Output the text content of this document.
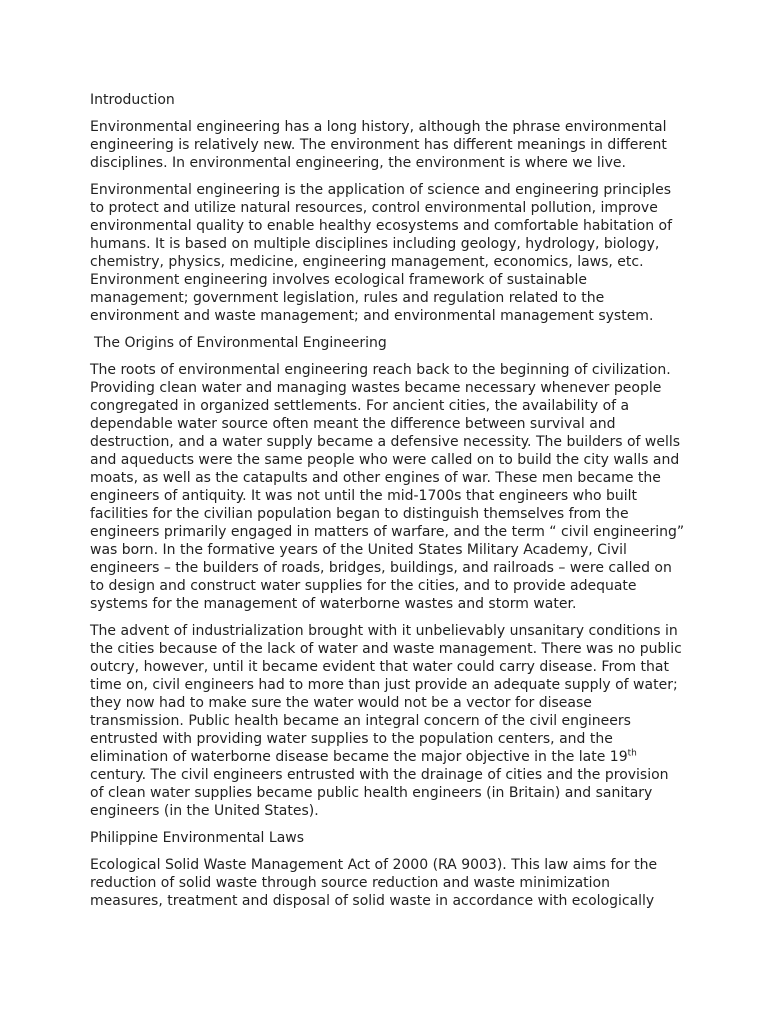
Introduction
Environmental engineering has a long history, although the phrase environmental
engineering is relatively new. The environment has different meanings in different
disciplines. In environmental engineering, the environment is where we live.
Environmental engineering is the application of science and engineering principles
to protect and utilize natural resources, control environmental pollution, improve
environmental quality to enable healthy ecosystems and comfortable habitation of
humans. It is based on multiple disciplines including geology, hydrology, biology,
chemistry, physics, medicine, engineering management, economics, laws, etc.
Environment engineering involves ecological framework of sustainable
management; government legislation, rules and regulation related to the
environment and waste management; and environmental management system.
The Origins of Environmental Engineering
The roots of environmental engineering reach back to the beginning of civilization.
Providing clean water and managing wastes became necessary whenever people
congregated in organized settlements. For ancient cities, the availability of a
dependable water source often meant the difference between survival and
destruction, and a water supply became a defensive necessity. The builders of wells
and aqueducts were the same people who were called on to build the city walls and
moats, as well as the catapults and other engines of war. These men became the
engineers of antiquity. It was not until the mid-1700s that engineers who built
facilities for the civilian population began to distinguish themselves from the
engineers primarily engaged in matters of warfare, and the term “ civil engineering”
was born. In the formative years of the United States Military Academy, Civil
engineers – the builders of roads, bridges, buildings, and railroads – were called on
to design and construct water supplies for the cities, and to provide adequate
systems for the management of waterborne wastes and storm water.
The advent of industrialization brought with it unbelievably unsanitary conditions in
the cities because of the lack of water and waste management. There was no public
outcry, however, until it became evident that water could carry disease. From that
time on, civil engineers had to more than just provide an adequate supply of water;
they now had to make sure the water would not be a vector for disease
transmission. Public health became an integral concern of the civil engineers
entrusted with providing water supplies to the population centers, and the
elimination of waterborne disease became the major objective in the late 19th
century. The civil engineers entrusted with the drainage of cities and the provision
of clean water supplies became public health engineers (in Britain) and sanitary
engineers (in the United States).
Philippine Environmental Laws
Ecological Solid Waste Management Act of 2000 (RA 9003). This law aims for the
reduction of solid waste through source reduction and waste minimization
measures, treatment and disposal of solid waste in accordance with ecologically
